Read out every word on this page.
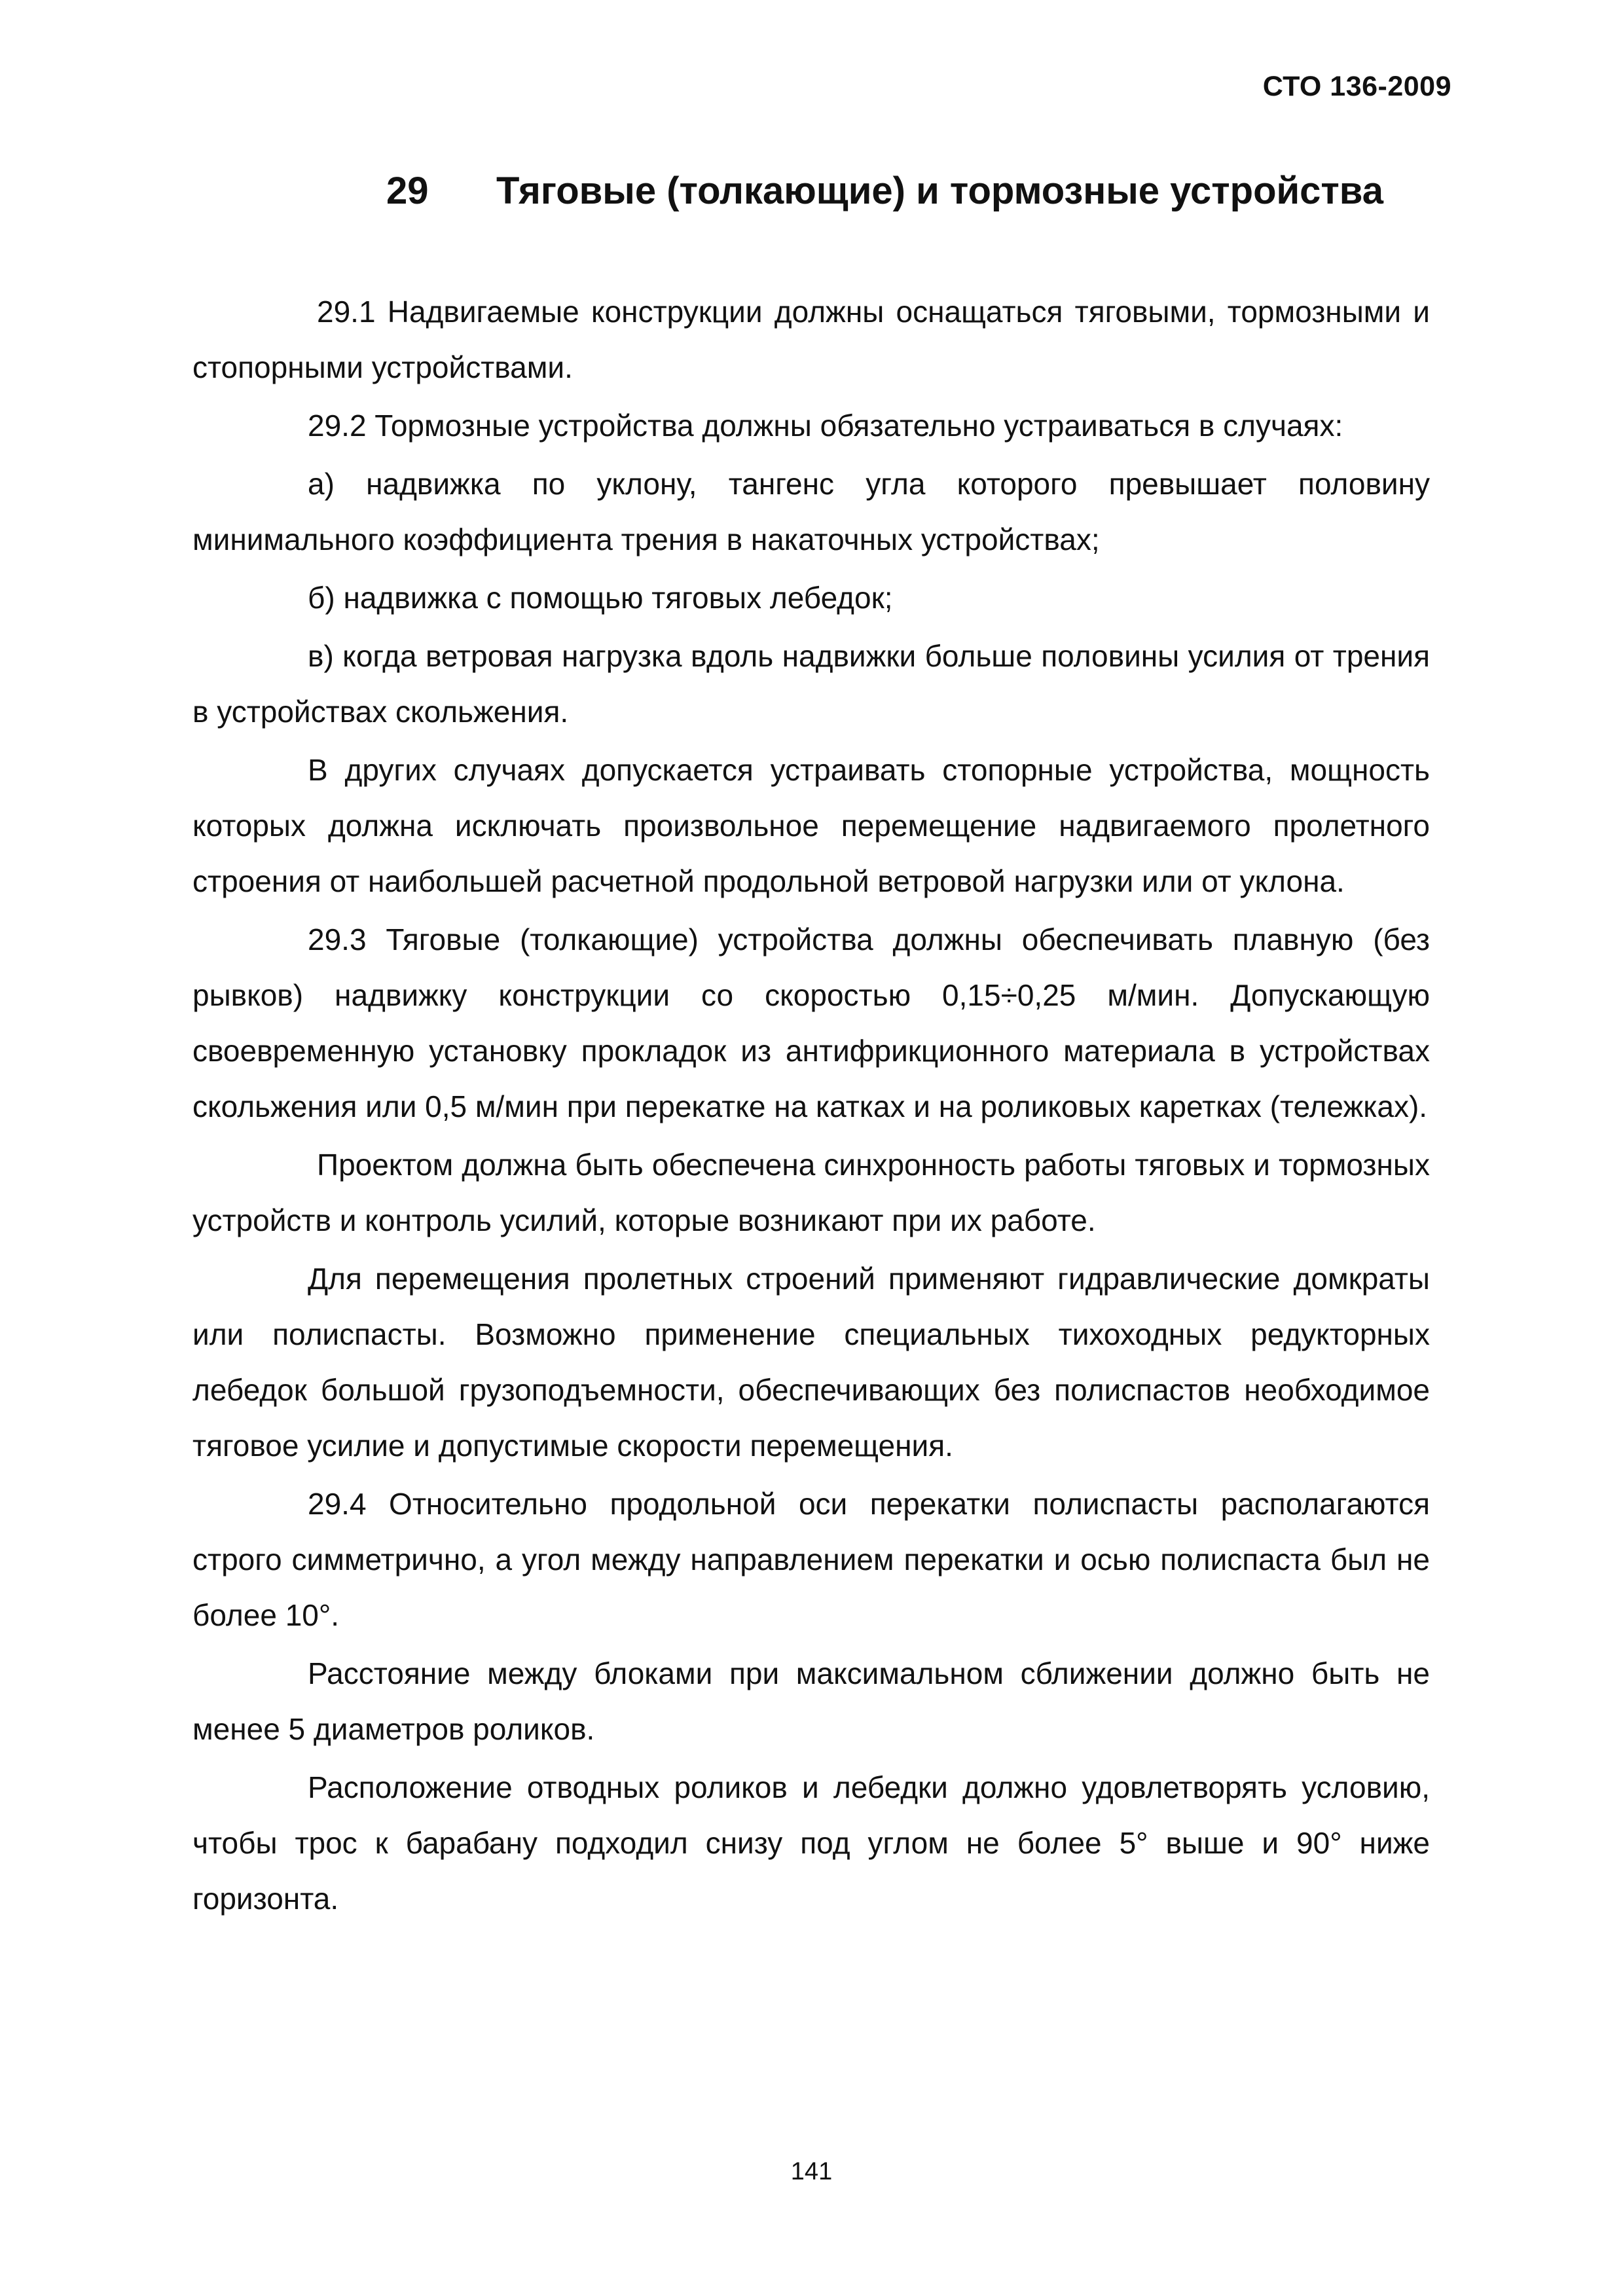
СТО 136-2009
29 Тяговые (толкающие) и тормозные устройства

29.1 Надвигаемые конструкции должны оснащаться тяговыми, тормозными и стопорными устройствами.

29.2 Тормозные устройства должны обязательно устраиваться в случаях:

а) надвижка по уклону, тангенс угла которого превышает половину минимального коэффициента трения в накаточных устройствах;

б) надвижка с помощью тяговых лебедок;

в) когда ветровая нагрузка вдоль надвижки больше половины усилия от трения в устройствах скольжения.

В других случаях допускается устраивать стопорные устройства, мощность которых должна исключать произвольное перемещение надвигаемого пролетного строения от наибольшей расчетной продольной ветровой нагрузки или от уклона.

29.3 Тяговые (толкающие) устройства должны обеспечивать плавную (без рывков) надвижку конструкции со скоростью 0,15÷0,25 м/мин. Допускающую своевременную установку прокладок из антифрикционного материала в устройствах скольжения или 0,5 м/мин при перекатке на катках и на роликовых каретках (тележках).

Проектом должна быть обеспечена синхронность работы тяговых и тормозных устройств и контроль усилий, которые возникают при их работе.

Для перемещения пролетных строений применяют гидравлические домкраты или полиспасты. Возможно применение специальных тихоходных редукторных лебедок большой грузоподъемности, обеспечивающих без полиспастов необходимое тяговое усилие и допустимые скорости перемещения.

29.4 Относительно продольной оси перекатки полиспасты располагаются строго симметрично, а угол между направлением перекатки и осью полиспаста был не более 10°.

Расстояние между блоками при максимальном сближении должно быть не менее 5 диаметров роликов.

Расположение отводных роликов и лебедки должно удовлетворять условию, чтобы трос к барабану подходил снизу под углом не более 5° выше и 90° ниже горизонта.

141
